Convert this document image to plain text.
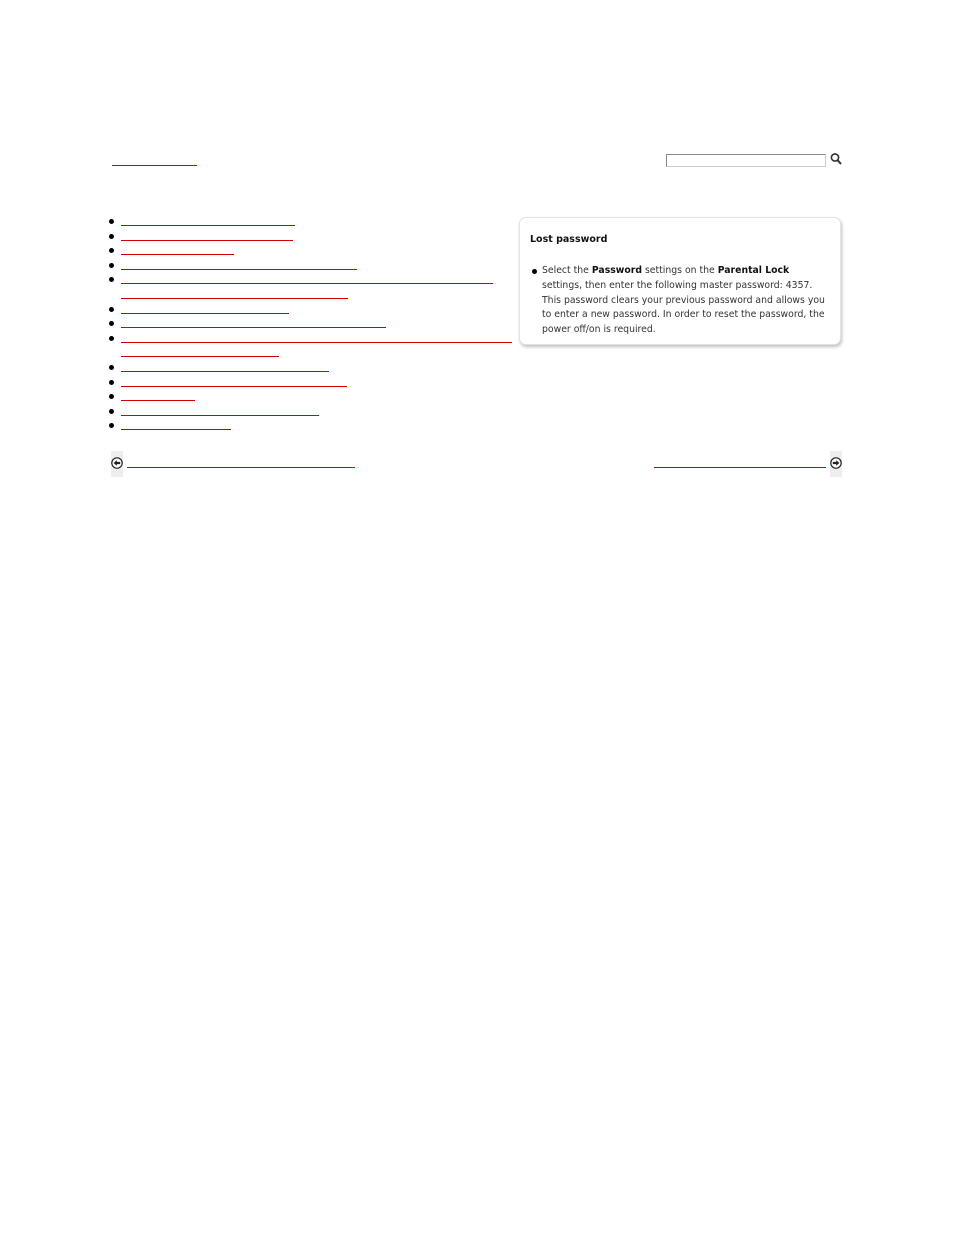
Lost password

Select the Password settings on the Parental Lock settings, then enter the following master password: 4357. This password clears your previous password and allows you to enter a new password. In order to reset the password, the power off/on is required.
